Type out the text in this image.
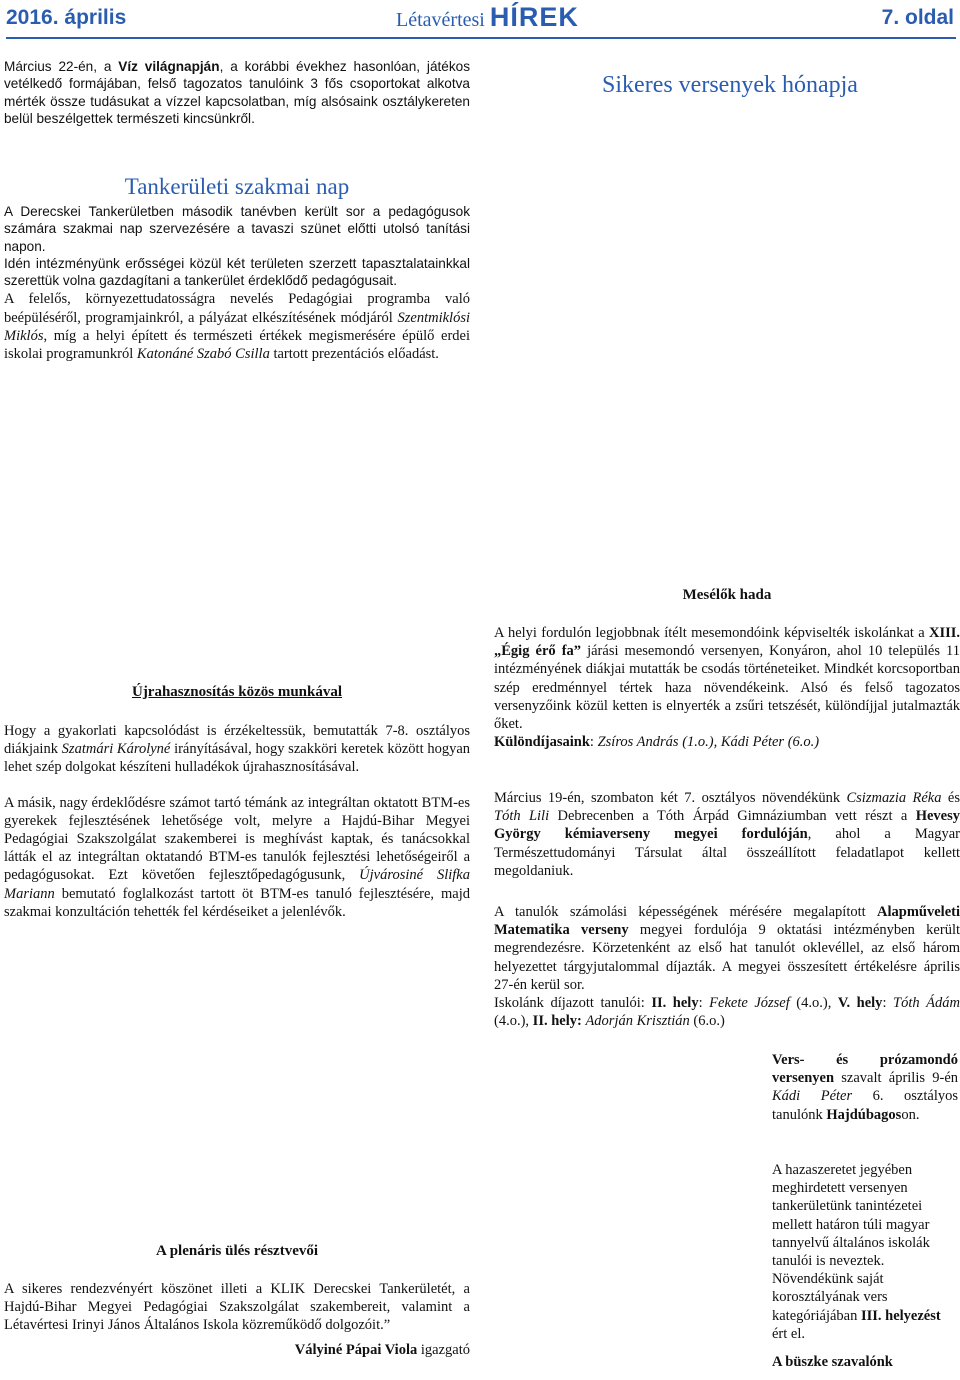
2016. április	Létavértesi HÍREK	7. oldal

Március 22-én, a Víz világnapján, a korábbi évekhez hasonlóan, játékos vetélkedő formájában, felső tagozatos tanulóink 3 fős csoportokat alkotva mérték össze tudásukat a vízzel kapcsolatban, míg alsósaink osztálykereten belül beszélgettek természeti kincsünkről.

Sikeres versenyek hónapja
Tankerületi szakmai nap

A Derecskei Tankerületben második tanévben került sor a pedagógusok számára szakmai nap szervezésére a tavaszi szünet előtti utolsó tanítási napon.

Idén intézményünk erősségei közül két területen szerzett tapasztalatainkkal szerettük volna gazdagítani a tankerület érdeklődő pedagógusait.

A felelős, környezettudatosságra nevelés Pedagógiai programba való beépüléséről, programjainkról, a pályázat elkészítésének módjáról Szentmiklósi Miklós, míg a helyi épített és természeti értékek megismerésére épülő erdei iskolai programunkról Katonáné Szabó Csilla tartott prezentációs előadást.

Mesélők hada

A helyi fordulón legjobbnak ítélt mesemondóink képviselték iskolánkat a XIII. „Égig érő fa” járási mesemondó versenyen, Konyáron, ahol 10 település 11 intézményének diákjai mutatták be csodás történeteiket. Mindkét korcsoportban szép eredménnyel tértek haza növendékeink. Alsó és felső tagozatos versenyzőink közül ketten is elnyerték a zsűri tetszését, különdíjjal jutalmazták őket.

Különdíjasaink: Zsíros András (1.o.), Kádi Péter (6.o.)

Március 19-én, szombaton két 7. osztályos növendékünk Csizmazia Réka és Tóth Lili Debrecenben a Tóth Árpád Gimnáziumban vett részt a Hevesy György kémiaverseny megyei fordulóján, ahol a Magyar Természettudományi Társulat által összeállított feladatlapot kellett megoldaniuk.

A tanulók számolási képességének mérésére megalapított Alapműveleti Matematika verseny megyei fordulója 9 oktatási intézményben került megrendezésre. Körzetenként az első hat tanulót oklevéllel, az első három helyezettet tárgyjutalommal díjazták. A megyei összesített értékelésre április 27-én kerül sor.

Iskolánk díjazott tanulói: II. hely: Fekete József (4.o.), V. hely: Tóth Ádám (4.o.), II. hely: Adorján Krisztián (6.o.)

Újrahasznosítás közös munkával

Hogy a gyakorlati kapcsolódást is érzékeltessük, bemutatták 7-8. osztályos diákjaink Szatmári Károlyné irányításával, hogy szakköri keretek között hogyan lehet szép dolgokat készíteni hulladékok újrahasznosításával.

A másik, nagy érdeklődésre számot tartó témánk az integráltan oktatott BTM-es gyerekek fejlesztésének lehetősége volt, melyre a Hajdú-Bihar Megyei Pedagógiai Szakszolgálat szakemberei is meghívást kaptak, és tanácsokkal látták el az integráltan oktatandó BTM-es tanulók fejlesztési lehetőségeiről a pedagógusokat. Ezt követően fejlesztőpedagógusunk, Újvárosiné Slifka Mariann bemutató foglalkozást tartott öt BTM-es tanuló fejlesztésére, majd szakmai konzultáción tehették fel kérdéseiket a jelenlévők.

Vers- és prózamondó versenyen szavalt április 9-én Kádi Péter 6. osztályos tanulónk Hajdúbagoson.

A hazaszeretet jegyében meghirdetett versenyen tankerületünk tanintézetei mellett határon túli magyar tannyelvű általános iskolák tanulói is neveztek.

Növendékünk saját korosztályának vers kategóriájában III. helyezést ért el.

A büszke szavalónk

A plenáris ülés résztvevői

A sikeres rendezvényért köszönet illeti a KLIK Derecskei Tankerületét, a Hajdú-Bihar Megyei Pedagógiai Szakszolgálat szakembereit, valamint a Létavértesi Irinyi János Általános Iskola közreműködő dolgozóit.”

Vályiné Pápai Viola igazgató
